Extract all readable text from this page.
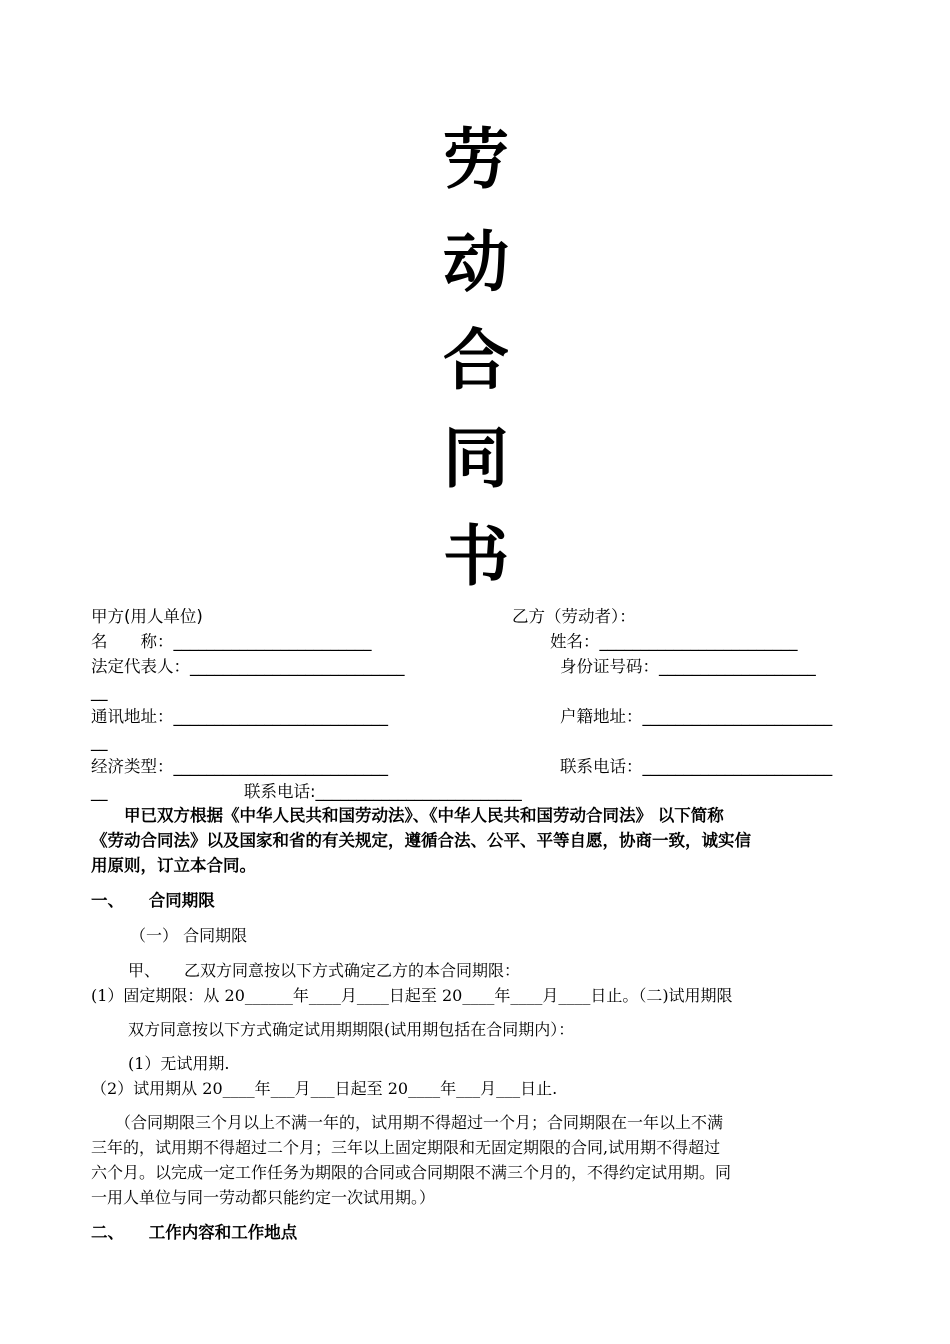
劳
动
合
同
书
甲方(用人单位)	乙方（劳动者）：
名　　称：________________________	姓名：________________________
法定代表人：__________________________	身份证号码：___________________
__
通讯地址：__________________________	户籍地址：_______________________
__
经济类型：__________________________	联系电话：_______________________
__	联系电话:_________________________
　　甲已双方根据《中华人民共和国劳动法》、《中华人民共和国劳动合同法》 以下简称
《劳动合同法》以及国家和省的有关规定，遵循合法、公平、平等自愿，协商一致，诚实信
用原则，订立本合同。
一、　　合同期限
（一） 合同期限
甲、　　乙双方同意按以下方式确定乙方的本合同期限：
(1）固定期限：从 20______年____月____日起至 20____年____月____日止。（二)试用期限
双方同意按以下方式确定试用期期限(试用期包括在合同期内）：
(1）无试用期.
（2）试用期从 20____年___月___日起至 20____年___月___日止.
　　（合同期限三个月以上不满一年的，试用期不得超过一个月；合同期限在一年以上不满
三年的，试用期不得超过二个月；三年以上固定期限和无固定期限的合同,试用期不得超过
六个月。以完成一定工作任务为期限的合同或合同期限不满三个月的，不得约定试用期。同
一用人单位与同一劳动都只能约定一次试用期。）
二、　　工作内容和工作地点
